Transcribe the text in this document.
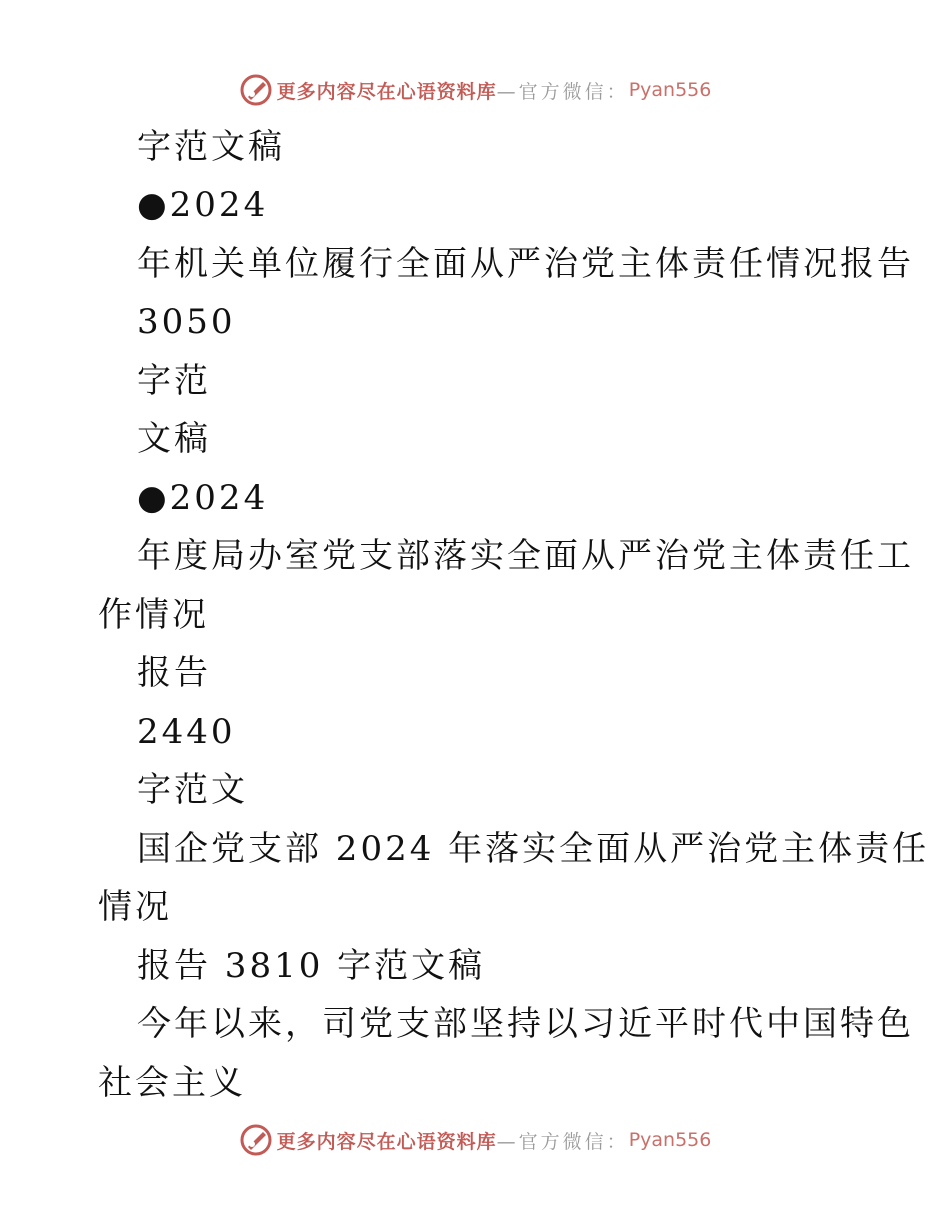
更多内容尽在心语资料库 —官方微信： Pyan556
字范文稿
●2024
年机关单位履行全面从严治党主体责任情况报告
3050
字范
文稿
●2024
年度局办室党支部落实全面从严治党主体责任工
作情况
报告
2440
字范文
国企党支部 2024 年落实全面从严治党主体责任
情况
报告 3810 字范文稿
今年以来，司党支部坚持以习近平时代中国特色
社会主义
更多内容尽在心语资料库 —官方微信： Pyan556
